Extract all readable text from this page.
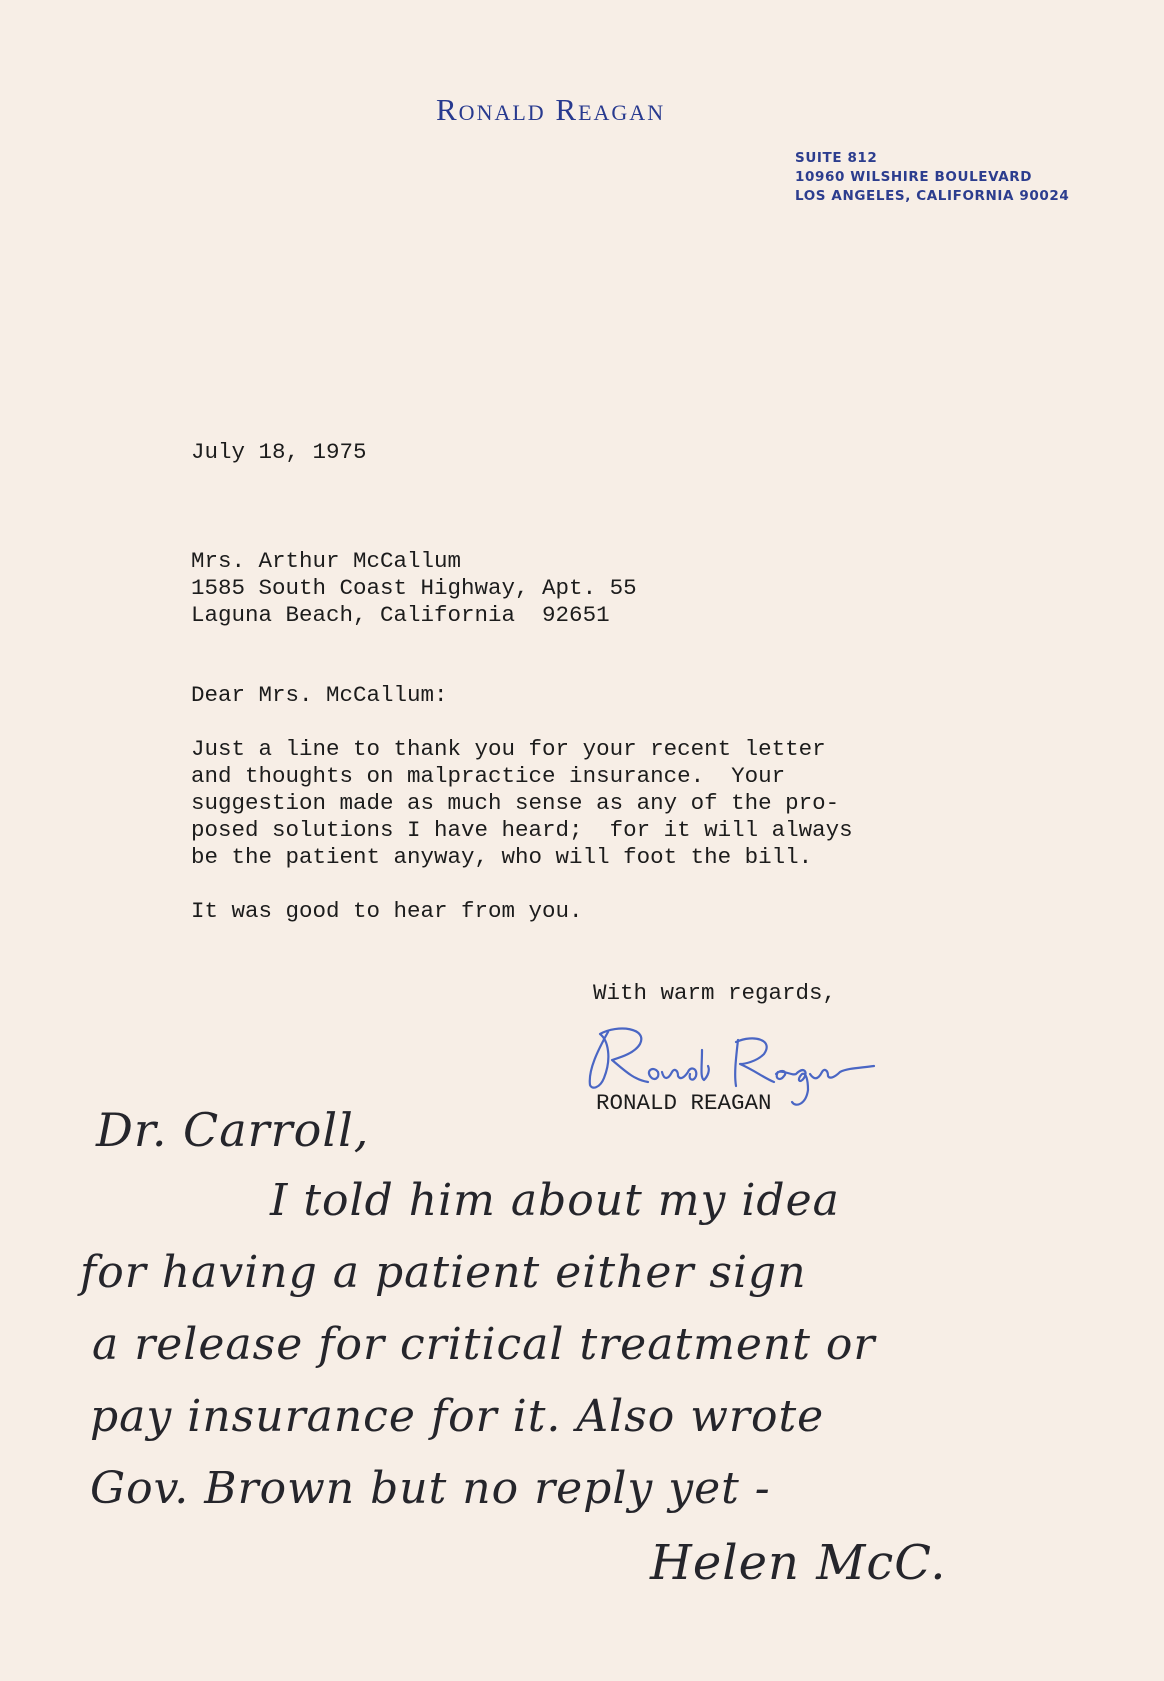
Ronald Reagan
SUITE 812
10960 WILSHIRE BOULEVARD
LOS ANGELES, CALIFORNIA 90024
July 18, 1975
Mrs. Arthur McCallum
1585 South Coast Highway, Apt. 55
Laguna Beach, California  92651
Dear Mrs. McCallum:
Just a line to thank you for your recent letter
and thoughts on malpractice insurance.  Your
suggestion made as much sense as any of the pro-
posed solutions I have heard;  for it will always
be the patient anyway, who will foot the bill.
It was good to hear from you.
With warm regards,
RONALD REAGAN
Dr. Carroll,
I told him about my idea
for having a patient either sign
a release for critical treatment or
pay insurance for it. Also wrote
Gov. Brown but no reply yet -
Helen McC.
